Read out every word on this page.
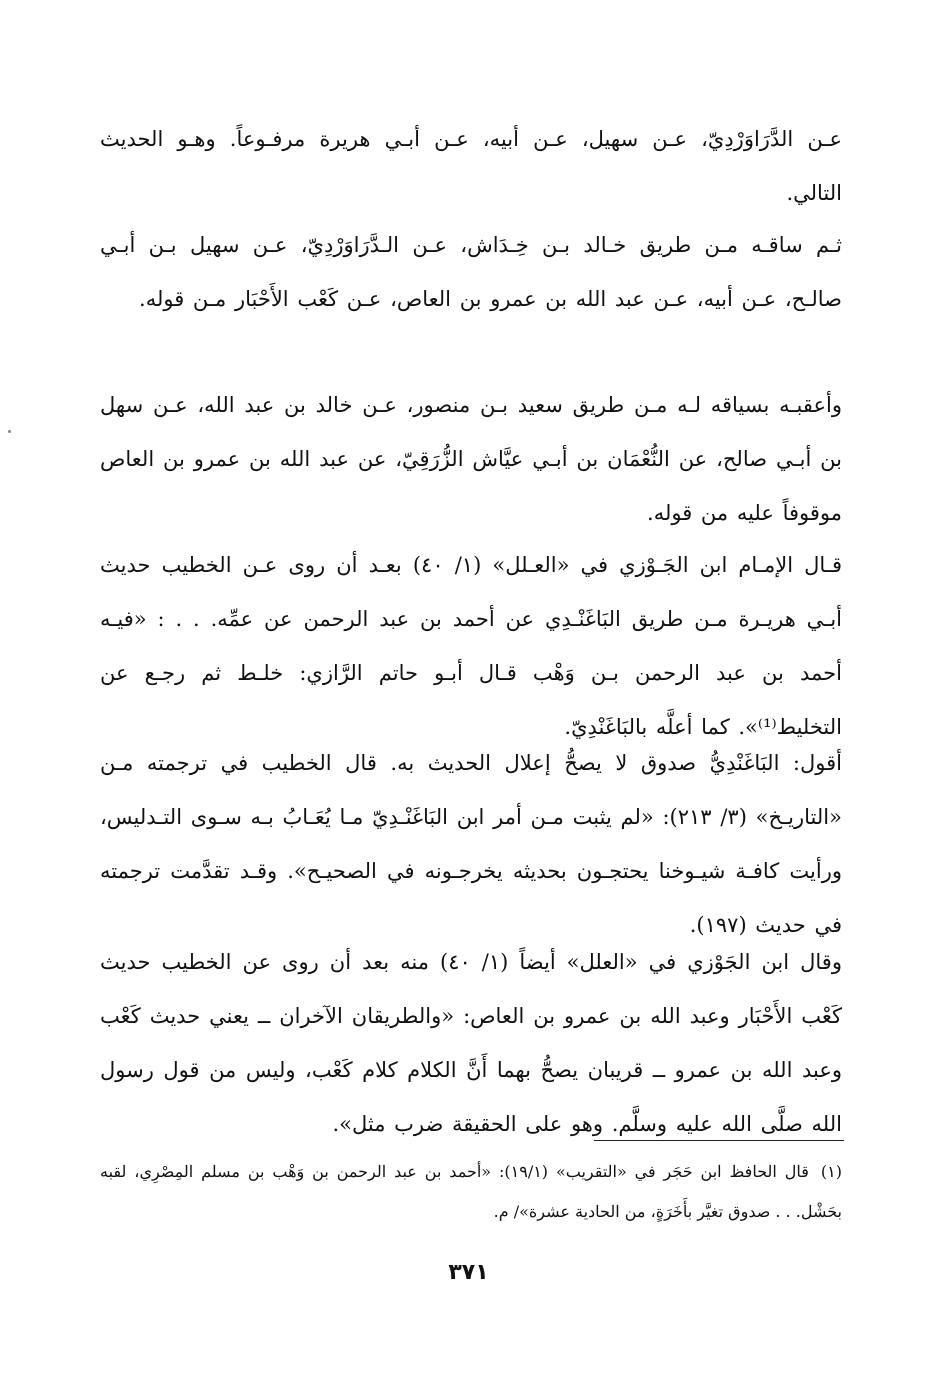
عـن الدَّرَاوَرْدِيّ، عـن سهيل، عـن أبيه، عـن أبـي هريرة مرفـوعاً. وهـو الحديث التالي.

ثـم ساقـه مـن طريق خـالد بـن خِـدَاش، عـن الـدَّرَاوَرْدِيّ، عـن سهيل بـن أبـي صالـح، عـن أبيه، عـن عبد الله بن عمرو بن العاص، عـن كَعْب الأَحْبَار مـن قوله.

وأعقبـه بسياقه لـه مـن طريق سعيد بـن منصور، عـن خالد بن عبد الله، عـن سهل بن أبـي صالح، عن النُّعْمَان بن أبـي عيَّاش الزُّرَقِيّ، عن عبد الله بن عمرو بن العاص موقوفاً عليه من قوله.

قـال الإمـام ابن الجَـوْزي في «العـلل» (١/ ٤٠) بعـد أن روى عـن الخطيب حديث أبـي هريـرة مـن طريق البَاغَنْـدِي عن أحمد بن عبد الرحمن عن عمِّه. . . : «فيـه أحمد بن عبد الرحمن بـن وَهْب قـال أبـو حاتم الرَّازي: خلـط ثم رجـع عن التخليط⁽¹⁾». كما أعلَّه بالبَاغَنْدِيّ.

أقول: البَاغَنْدِيُّ صدوق لا يصحُّ إعلال الحديث به. قال الخطيب في ترجمته مـن «التاريـخ» (٣/ ٢١٣): «لم يثبت مـن أمر ابن البَاغَنْـدِيّ مـا يُعَـابُ بـه سـوى التـدليس، ورأيت كافـة شيـوخنا يحتجـون بحديثه يخرجـونه في الصحيـح». وقـد تقدَّمت ترجمته في حديث (١٩٧).

وقال ابن الجَوْزي في «العلل» أيضاً (١/ ٤٠) منه بعد أن روى عن الخطيب حديث كَعْب الأَحْبَار وعبد الله بن عمرو بن العاص: «والطريقان الآخران ــ يعني حديث كَعْب وعبد الله بن عمرو ــ قريبان يصحُّ بهما أَنَّ الكلام كلام كَعْب، وليس من قول رسول الله صلَّى الله عليه وسلَّم. وهو على الحقيقة ضرب مثل».

(١)قال الحافظ ابن حَجَر في «التقريب» (١٩/١): «أحمد بن عبد الرحمن بن وَهْب بن مسلم المِصْرِي، لقبه بحَشْل. . . صدوق تغيَّر بأَخَرَةٍ، من الحادية عشرة»/ م.

٣٧١
